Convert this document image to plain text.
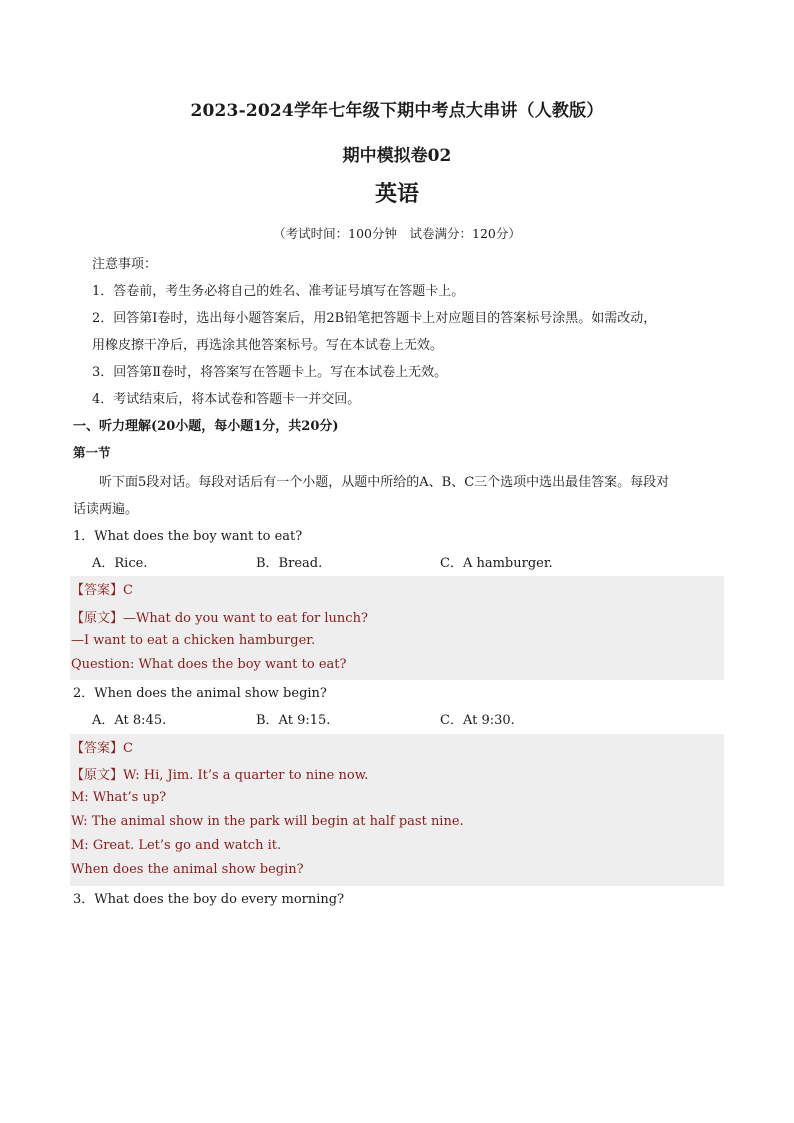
2023-2024学年七年级下期中考点大串讲（人教版）
期中模拟卷02
英语
（考试时间：100分钟　试卷满分：120分）
注意事项：
1．答卷前，考生务必将自己的姓名、准考证号填写在答题卡上。
2．回答第Ⅰ卷时，选出每小题答案后，用2B铅笔把答题卡上对应题目的答案标号涂黑。如需改动，
用橡皮擦干净后，再选涂其他答案标号。写在本试卷上无效。
3．回答第Ⅱ卷时，将答案写在答题卡上。写在本试卷上无效。
4．考试结束后，将本试卷和答题卡一并交回。
一、听力理解(20小题，每小题1分，共20分)
第一节
听下面5段对话。每段对话后有一个小题，从题中所给的A、B、C三个选项中选出最佳答案。每段对
话读两遍。
1．What does the boy want to eat?
A．Rice.	B．Bread.	C．A hamburger.
【答案】C
【原文】—What do you want to eat for lunch?
—I want to eat a chicken hamburger.
Question: What does the boy want to eat?
2．When does the animal show begin?
A．At 8:45.	B．At 9:15.	C．At 9:30.
【答案】C
【原文】W: Hi, Jim. It’s a quarter to nine now.
M: What’s up?
W: The animal show in the park will begin at half past nine.
M: Great. Let’s go and watch it.
When does the animal show begin?
3．What does the boy do every morning?
